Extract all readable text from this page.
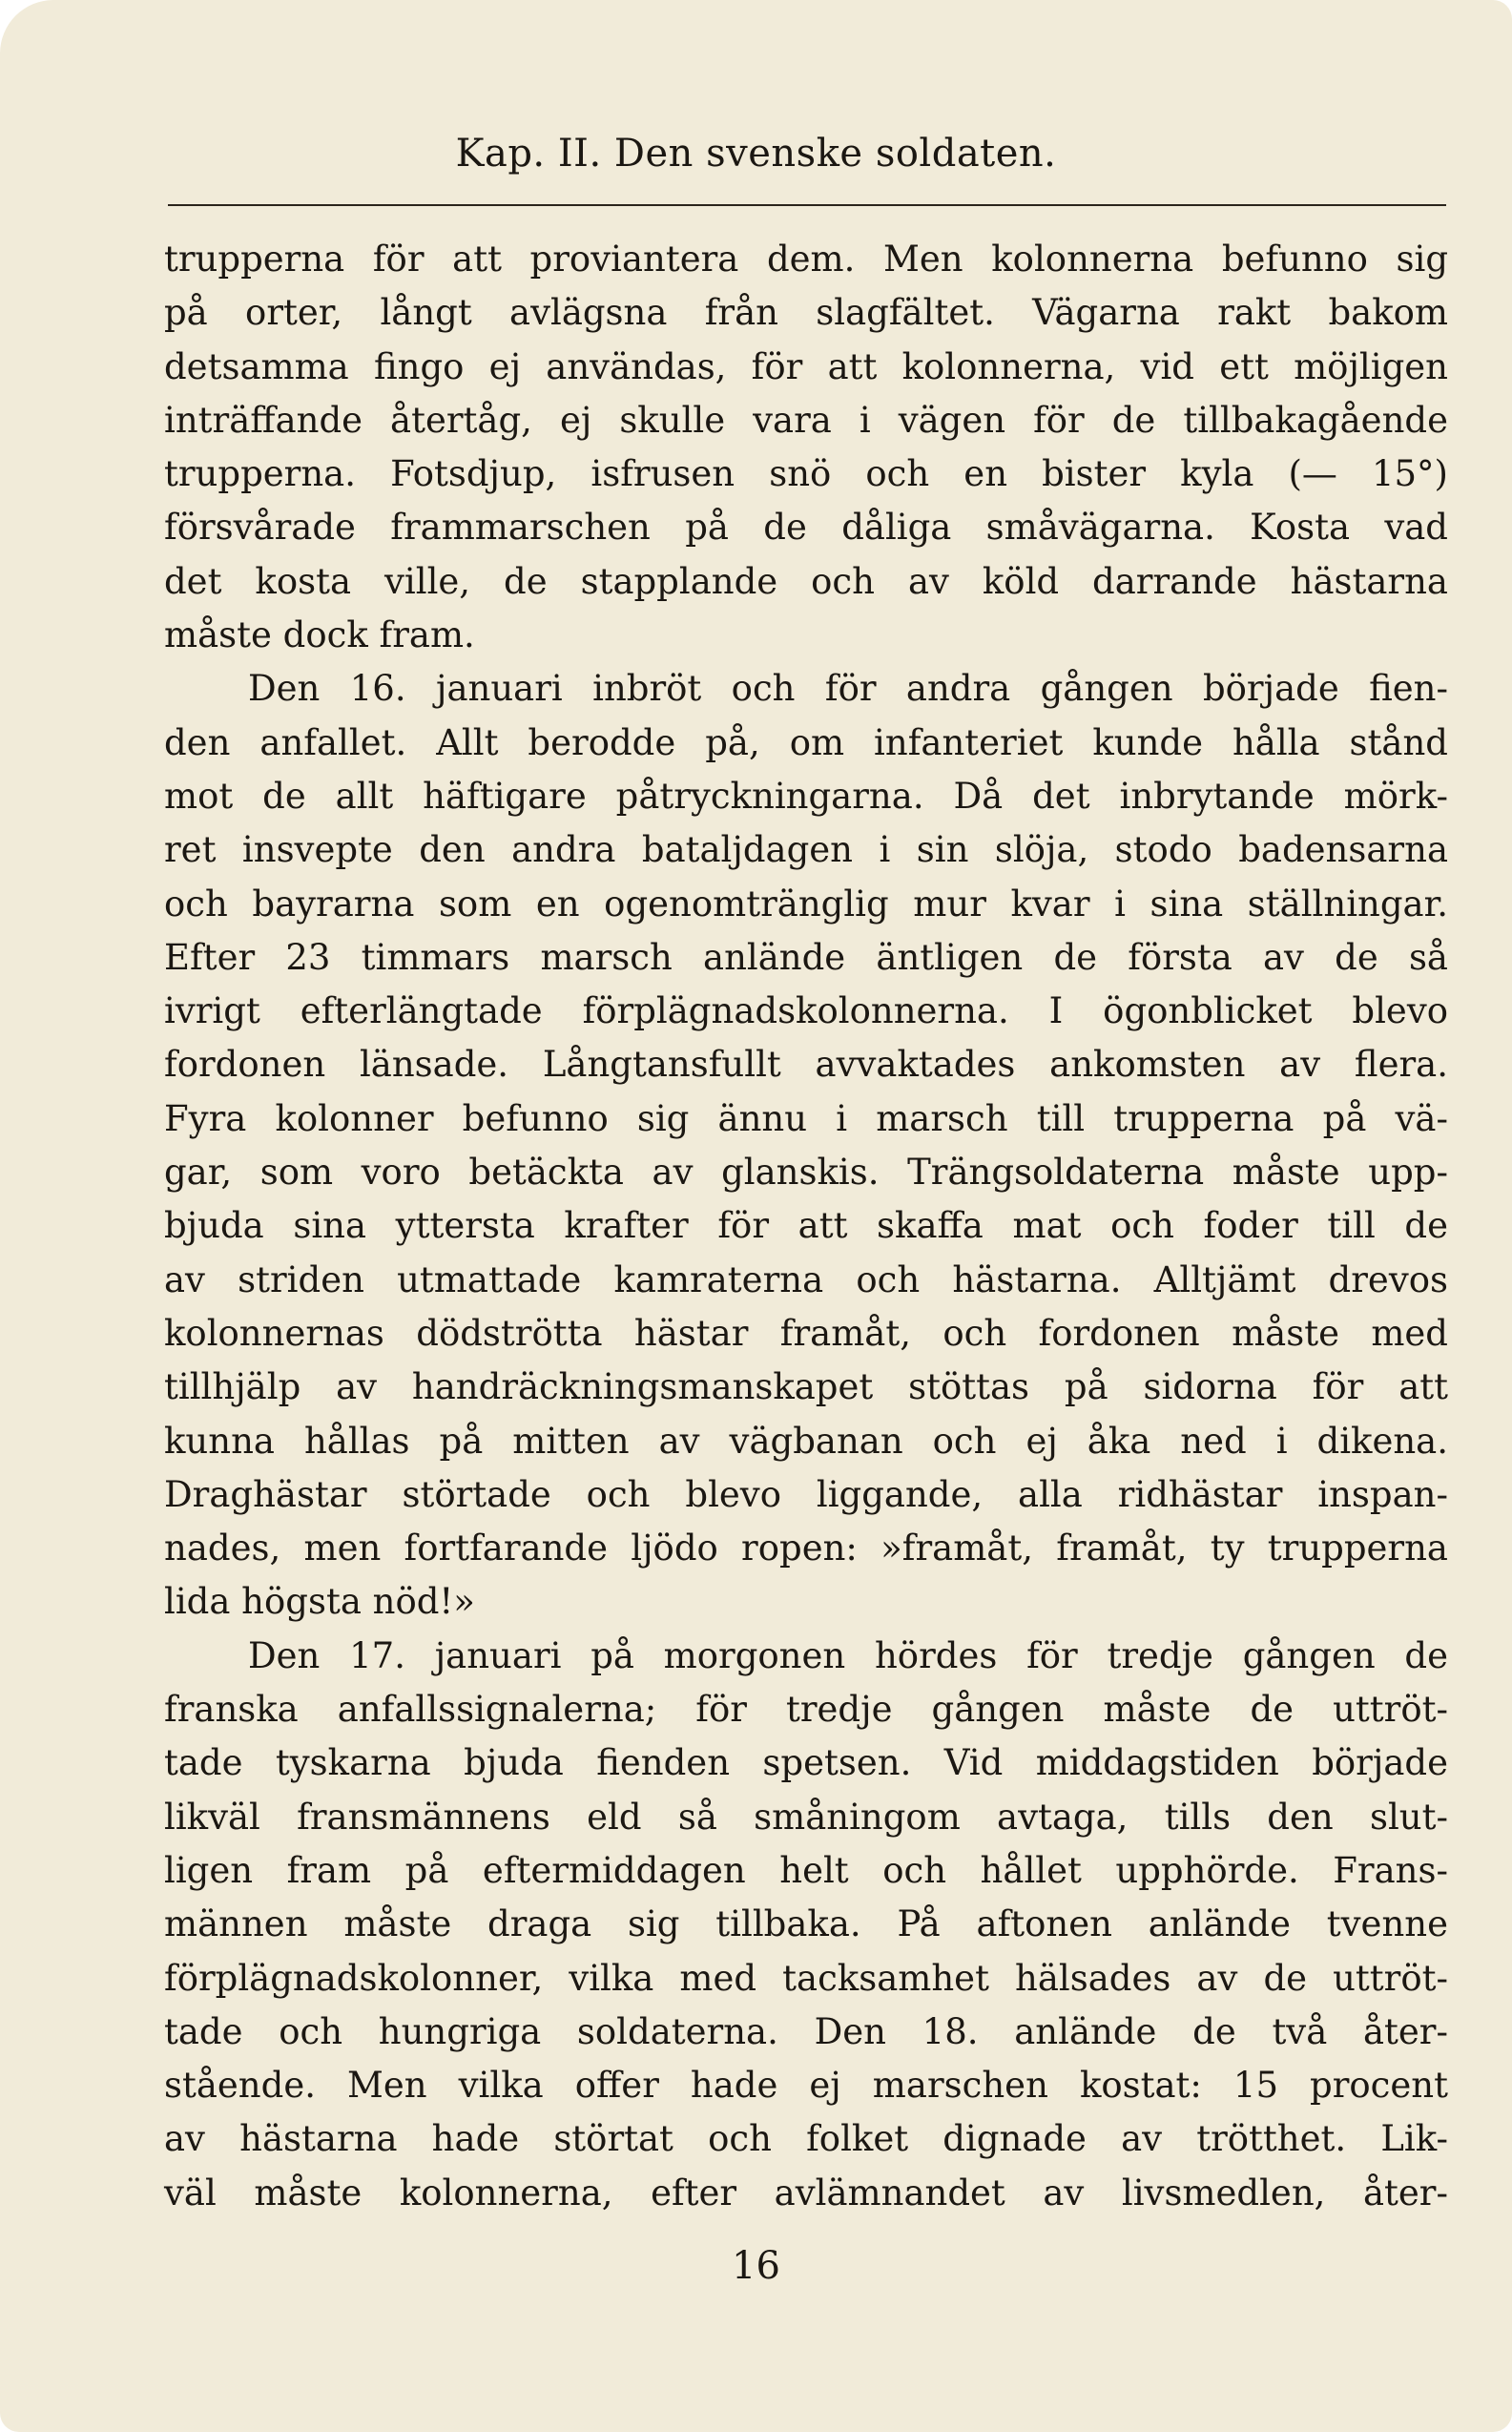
Kap. II. Den svenske soldaten.
trupperna för att proviantera dem. Men kolonnerna befunno sig
på orter, långt avlägsna från slagfältet. Vägarna rakt bakom
detsamma fingo ej användas, för att kolonnerna, vid ett möjligen
inträffande återtåg, ej skulle vara i vägen för de tillbakagående
trupperna. Fotsdjup, isfrusen snö och en bister kyla (— 15°)
försvårade frammarschen på de dåliga småvägarna. Kosta vad
det kosta ville, de stapplande och av köld darrande hästarna
måste dock fram.
Den 16. januari inbröt och för andra gången började fien-
den anfallet. Allt berodde på, om infanteriet kunde hålla stånd
mot de allt häftigare påtryckningarna. Då det inbrytande mörk-
ret insvepte den andra bataljdagen i sin slöja, stodo badensarna
och bayrarna som en ogenomtränglig mur kvar i sina ställningar.
Efter 23 timmars marsch anlände äntligen de första av de så
ivrigt efterlängtade förplägnadskolonnerna. I ögonblicket blevo
fordonen länsade. Långtansfullt avvaktades ankomsten av flera.
Fyra kolonner befunno sig ännu i marsch till trupperna på vä-
gar, som voro betäckta av glanskis. Trängsoldaterna måste upp-
bjuda sina yttersta krafter för att skaffa mat och foder till de
av striden utmattade kamraterna och hästarna. Alltjämt drevos
kolonnernas dödströtta hästar framåt, och fordonen måste med
tillhjälp av handräckningsmanskapet stöttas på sidorna för att
kunna hållas på mitten av vägbanan och ej åka ned i dikena.
Draghästar störtade och blevo liggande, alla ridhästar inspan-
nades, men fortfarande ljödo ropen: »framåt, framåt, ty trupperna
lida högsta nöd!»
Den 17. januari på morgonen hördes för tredje gången de
franska anfallssignalerna; för tredje gången måste de uttröt-
tade tyskarna bjuda fienden spetsen. Vid middagstiden började
likväl fransmännens eld så småningom avtaga, tills den slut-
ligen fram på eftermiddagen helt och hållet upphörde. Frans-
männen måste draga sig tillbaka. På aftonen anlände tvenne
förplägnadskolonner, vilka med tacksamhet hälsades av de uttröt-
tade och hungriga soldaterna. Den 18. anlände de två åter-
stående. Men vilka offer hade ej marschen kostat: 15 procent
av hästarna hade störtat och folket dignade av trötthet. Lik-
väl måste kolonnerna, efter avlämnandet av livsmedlen, åter-
16
